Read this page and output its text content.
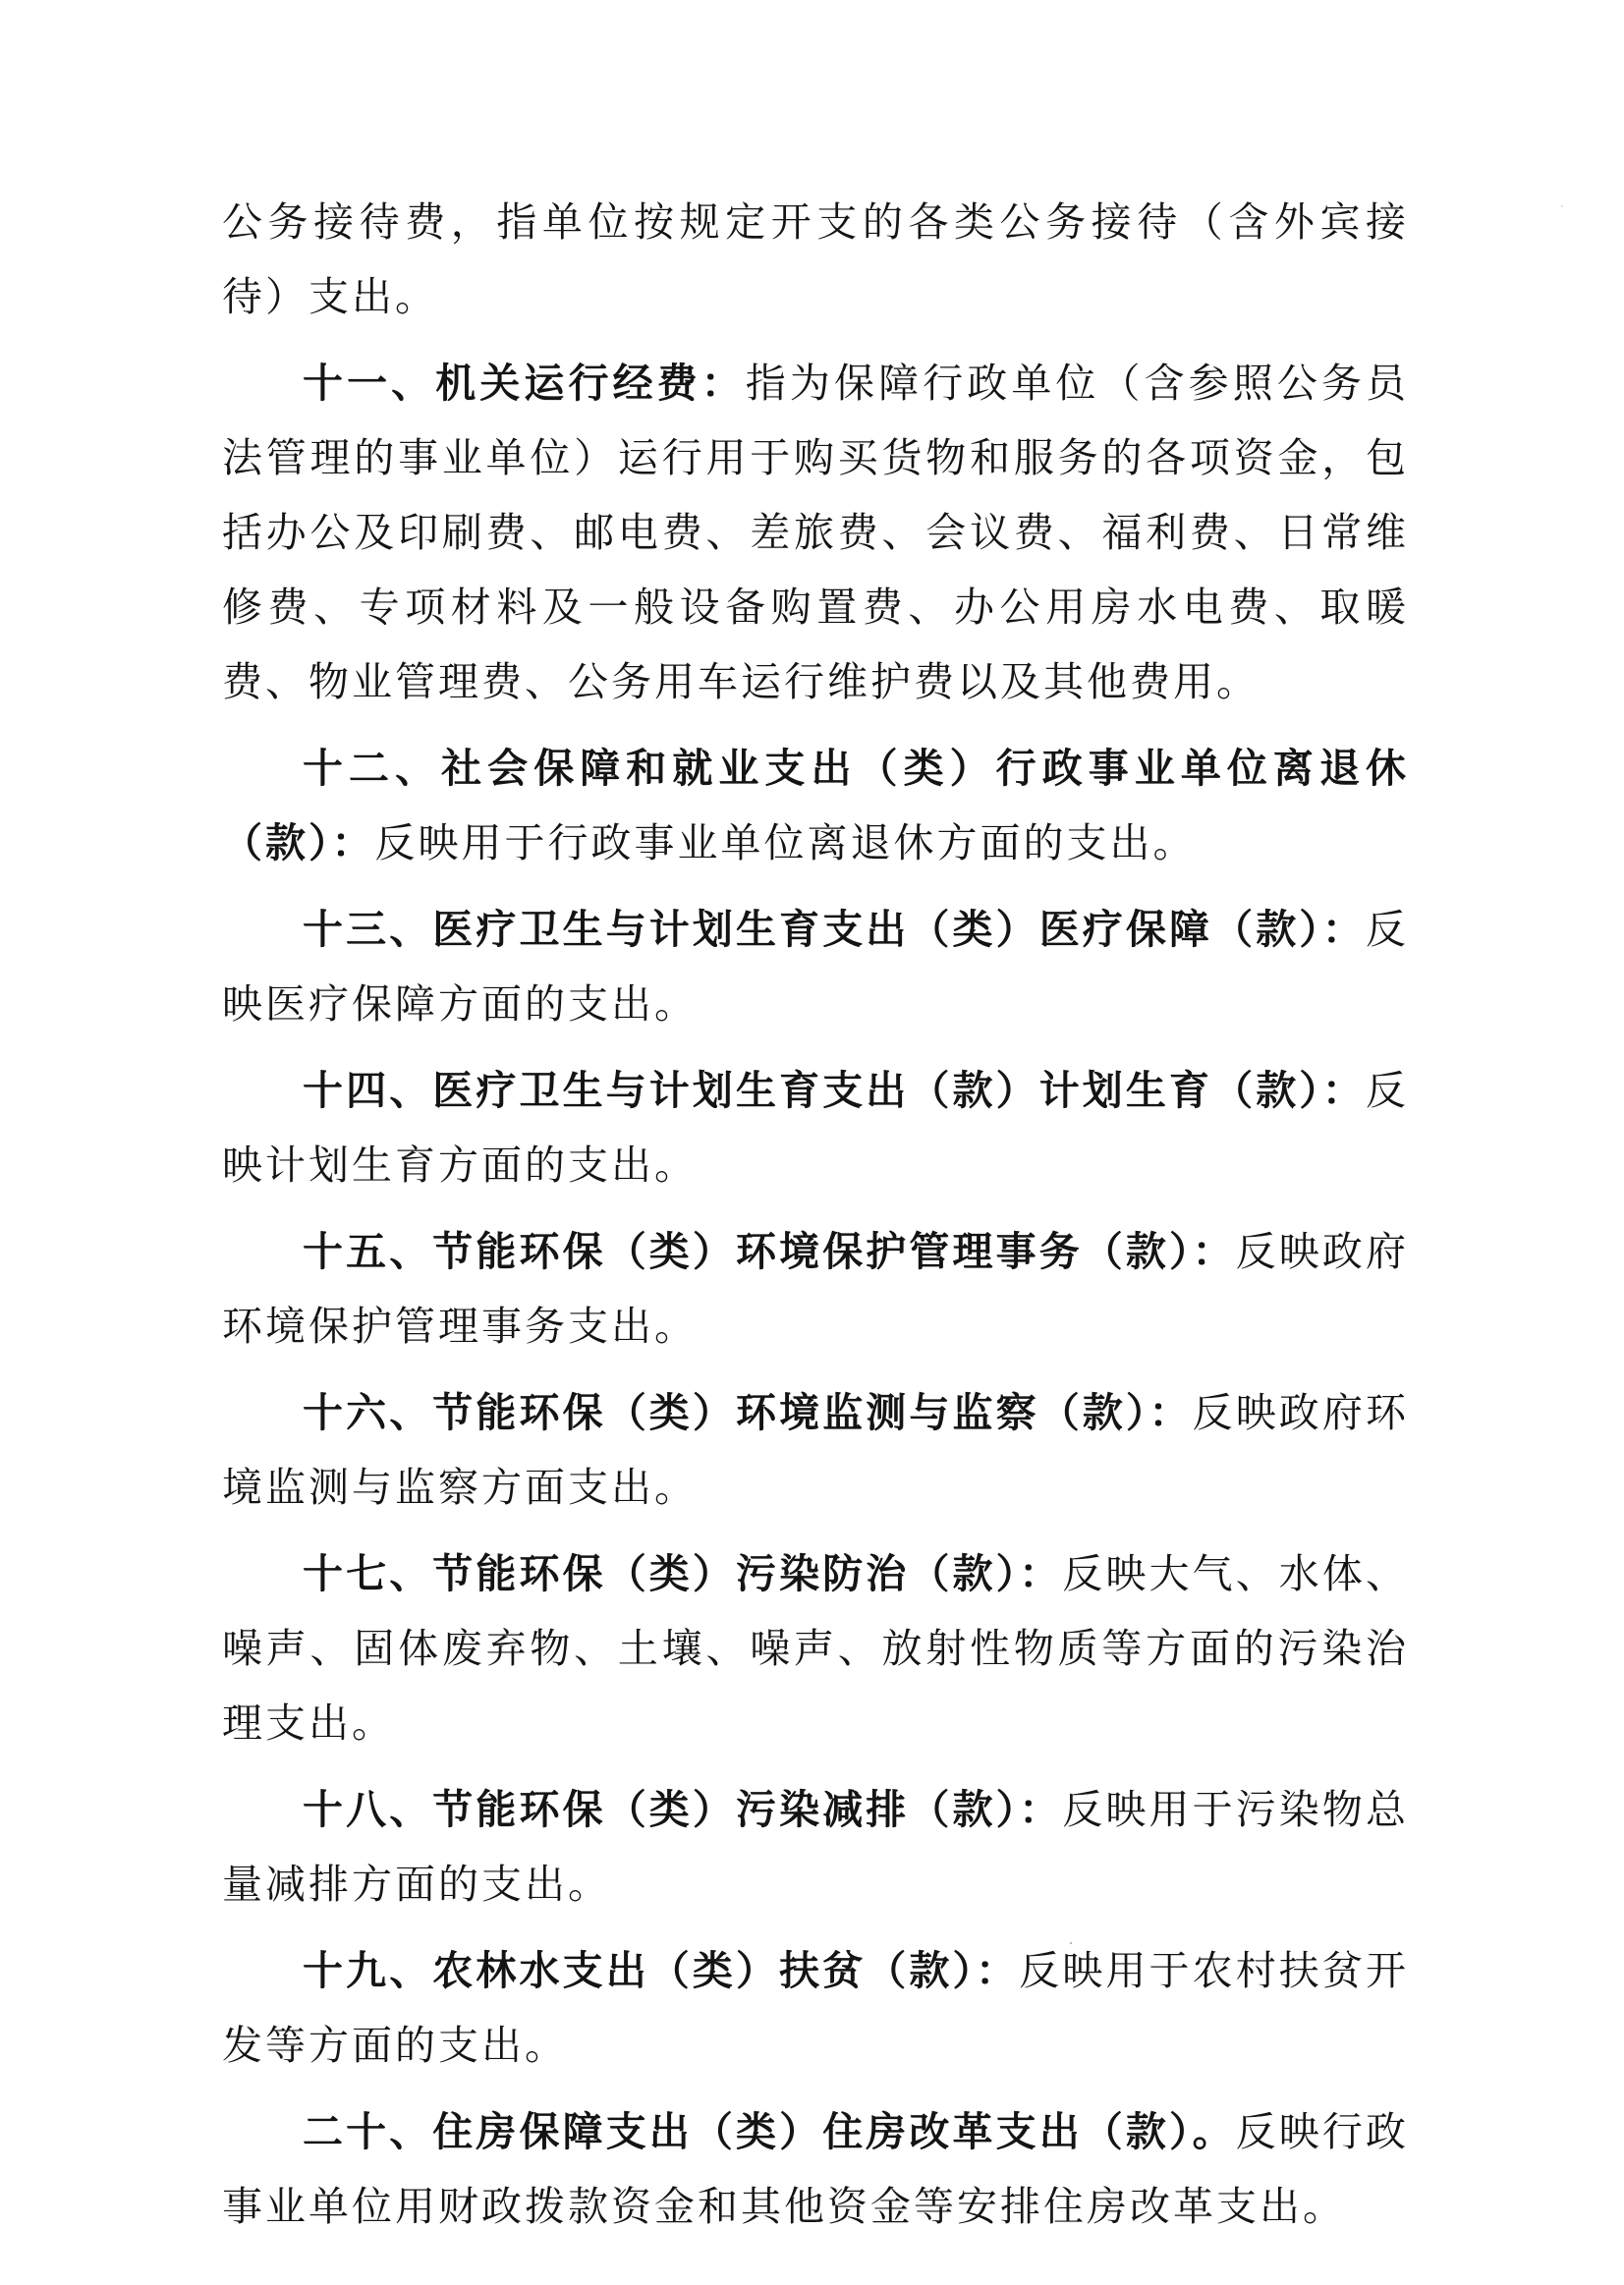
公务接待费，指单位按规定开支的各类公务接待（含外宾接待）支出。

十一、机关运行经费：指为保障行政单位（含参照公务员法管理的事业单位）运行用于购买货物和服务的各项资金，包括办公及印刷费、邮电费、差旅费、会议费、福利费、日常维修费、专项材料及一般设备购置费、办公用房水电费、取暖费、物业管理费、公务用车运行维护费以及其他费用。

十二、社会保障和就业支出（类）行政事业单位离退休（款）：反映用于行政事业单位离退休方面的支出。

十三、医疗卫生与计划生育支出（类）医疗保障（款）：反映医疗保障方面的支出。

十四、医疗卫生与计划生育支出（款）计划生育（款）：反映计划生育方面的支出。

十五、节能环保（类）环境保护管理事务（款）：反映政府环境保护管理事务支出。

十六、节能环保（类）环境监测与监察（款）：反映政府环境监测与监察方面支出。

十七、节能环保（类）污染防治（款）：反映大气、水体、噪声、固体废弃物、土壤、噪声、放射性物质等方面的污染治理支出。

十八、节能环保（类）污染减排（款）：反映用于污染物总量减排方面的支出。

十九、农林水支出（类）扶贫（款）：反映用于农村扶贫开发等方面的支出。

二十、住房保障支出（类）住房改革支出（款）。反映行政事业单位用财政拨款资金和其他资金等安排住房改革支出。
